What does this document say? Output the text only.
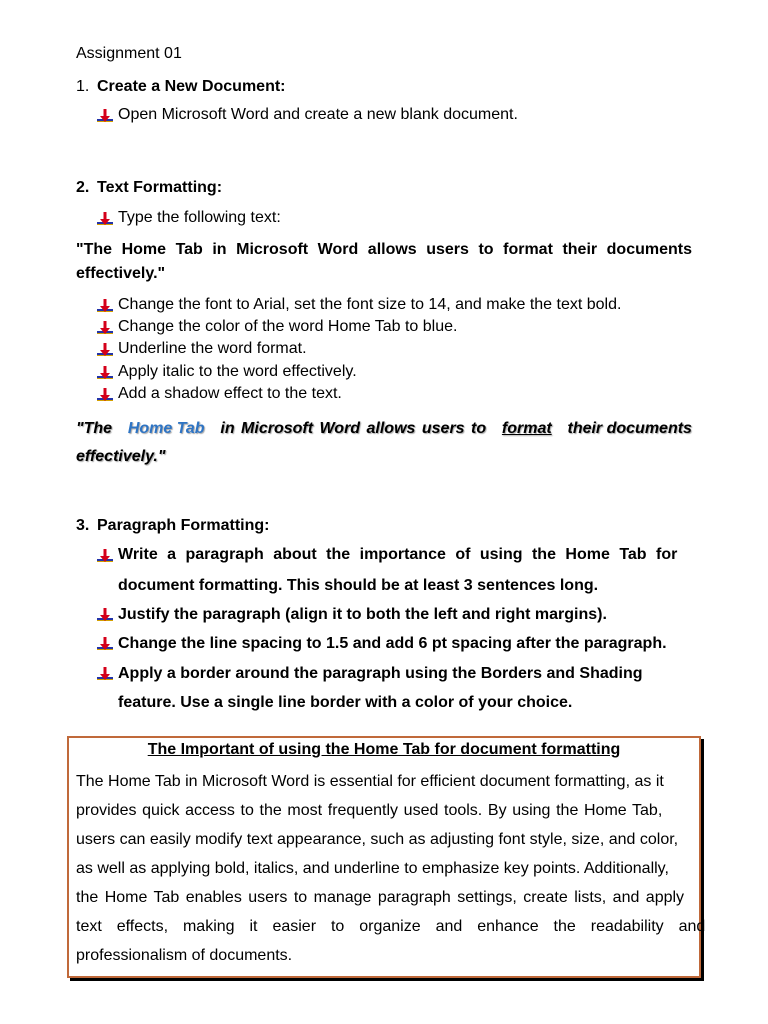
Assignment 01
1. Create a New Document:
Open Microsoft Word and create a new blank document.
2. Text Formatting:
Type the following text:
"The Home Tab in Microsoft Word allows users to format their documents
effectively."
Change the font to Arial, set the font size to 14, and make the text bold.
Change the color of the word Home Tab to blue.
Underline the word format.
Apply italic to the word effectively.
Add a shadow effect to the text.
"The Home Tab in Microsoft Word allows users to format their documents
effectively."
3. Paragraph Formatting:
Write a paragraph about the importance of using the Home Tab for
document formatting. This should be at least 3 sentences long.
Justify the paragraph (align it to both the left and right margins).
Change the line spacing to 1.5 and add 6 pt spacing after the paragraph.
Apply a border around the paragraph using the Borders and Shading
feature. Use a single line border with a color of your choice.
The Important of using the Home Tab for document formatting
The Home Tab in Microsoft Word is essential for efficient document formatting, as it
provides quick access to the most frequently used tools. By using the Home Tab,
users can easily modify text appearance, such as adjusting font style, size, and color,
as well as applying bold, italics, and underline to emphasize key points. Additionally,
the Home Tab enables users to manage paragraph settings, create lists, and apply
text effects, making it easier to organize and enhance the readability and
professionalism of documents.
